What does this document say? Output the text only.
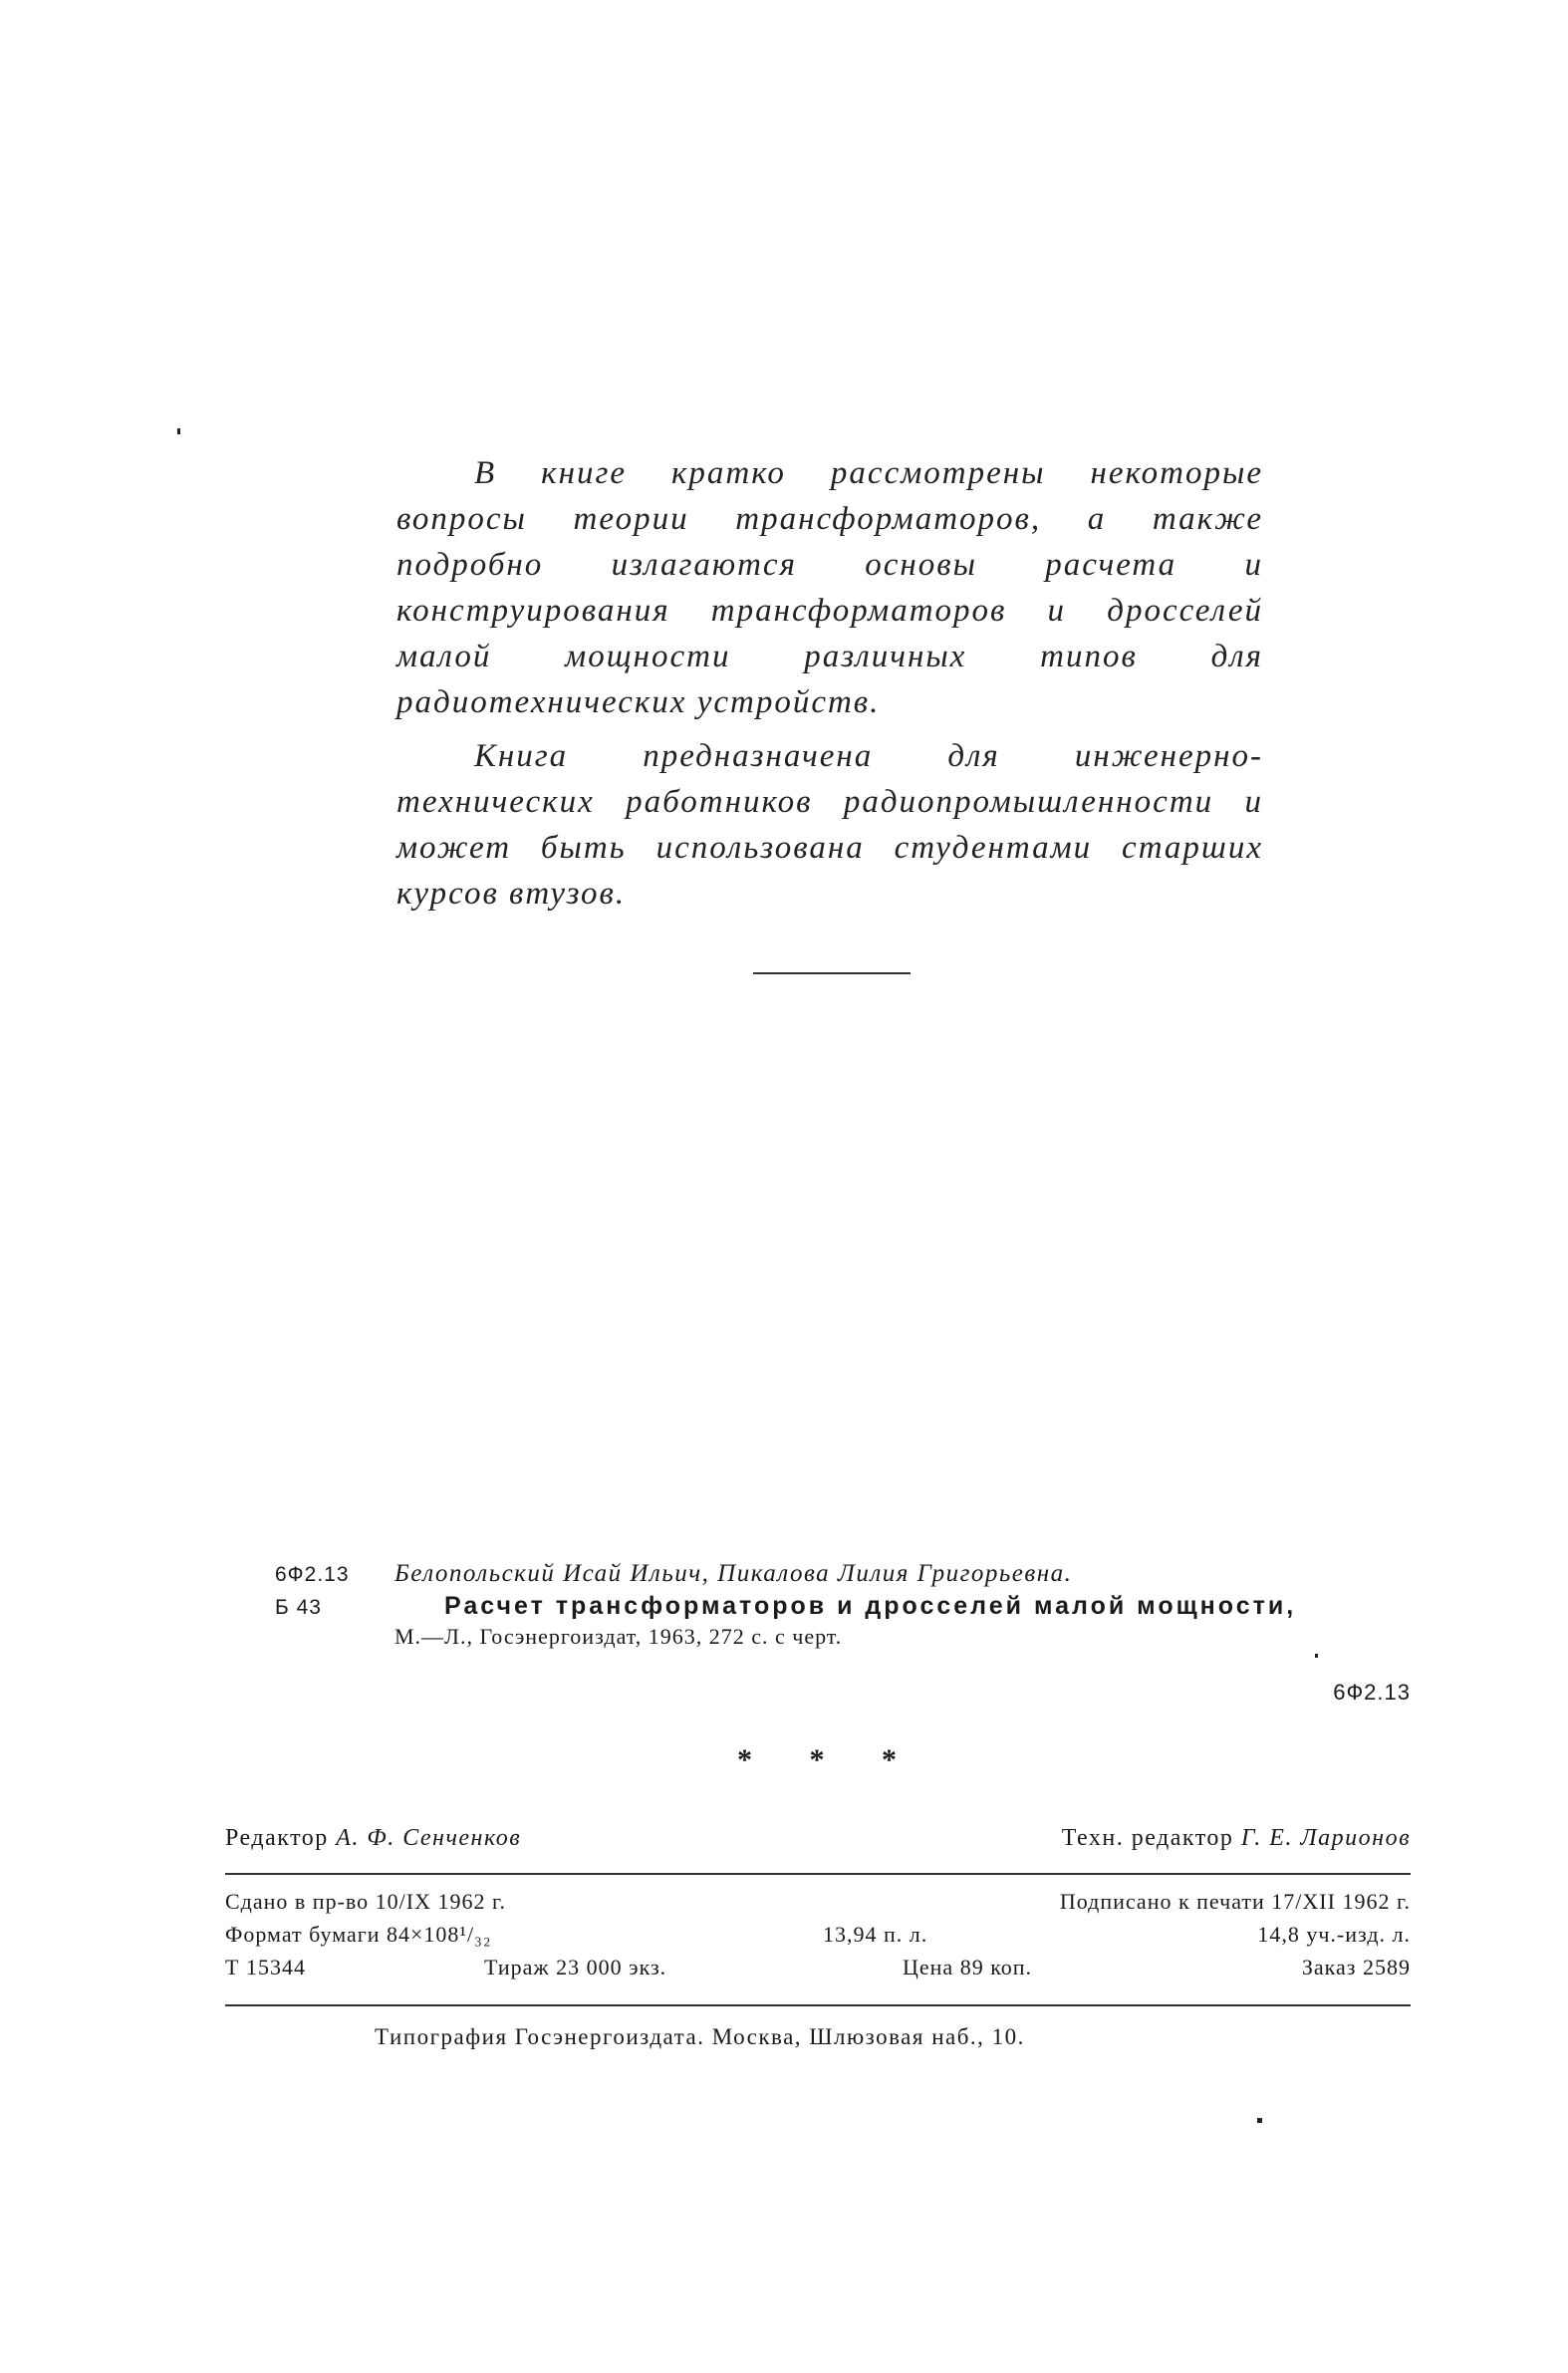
В книге кратко рассмотрены некоторые вопросы теории трансформаторов, а также подробно излагаются основы расчета и конструирования трансформаторов и дросселей малой мощности различных типов для радиотехнических устройств.

Книга предназначена для инженерно-технических работников радиопромышленности и может быть использована студентами старших курсов втузов.

6Ф2.13	Белопольский Исай Ильич, Пикалова Лилия Григорьевна.
Б 43	Расчет трансформаторов и дросселей малой мощности,
М.—Л., Госэнергоиздат, 1963, 272 с. с черт.
6Ф2.13
* * *
Редактор А. Ф. Сенченков	Техн. редактор Г. Е. Ларионов
Сдано в пр-во 10/IX 1962 г.	Подписано к печати 17/XII 1962 г.
Формат бумаги 84×108¹/₃₂	13,94 п. л.	14,8 уч.-изд. л.
Т 15344	Тираж 23 000 экз.	Цена 89 коп.	Заказ 2589
Типография Госэнергоиздата. Москва, Шлюзовая наб., 10.
